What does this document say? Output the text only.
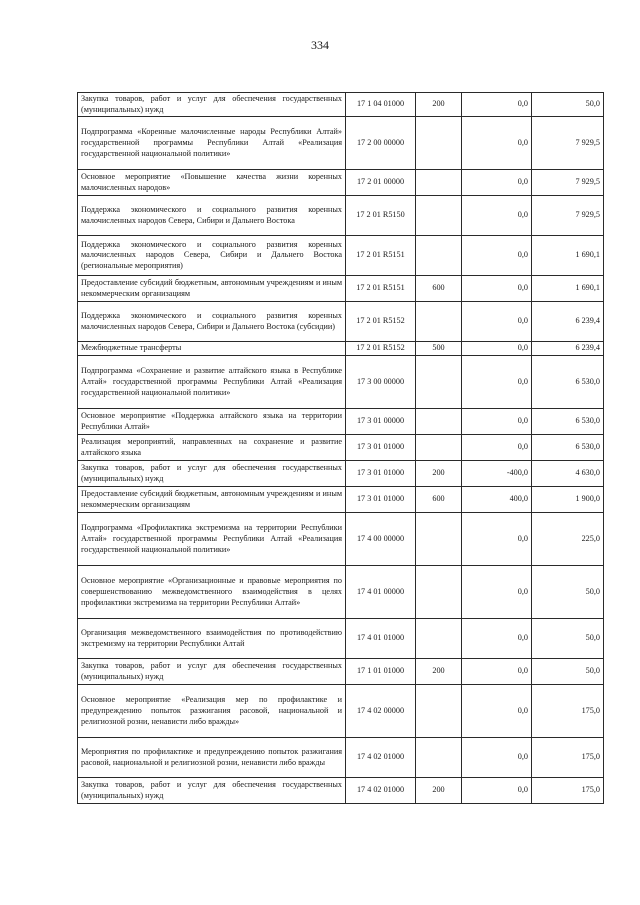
334
Закупка товаров, работ и услуг для обеспечения государственных (муниципальных) нужд	17 1 04 01000	200	0,0	50,0
Подпрограмма «Коренные малочисленные народы Республики Алтай» государственной программы Республики Алтай «Реализация государственной национальной политики»	17 2 00 00000		0,0	7 929,5
Основное мероприятие «Повышение качества жизни коренных малочисленных народов»	17 2 01 00000		0,0	7 929,5
Поддержка экономического и социального развития коренных малочисленных народов Севера, Сибири и Дальнего Востока	17 2 01 R5150		0,0	7 929,5
Поддержка экономического и социального развития коренных малочисленных народов Севера, Сибири и Дальнего Востока (региональные мероприятия)	17 2 01 R5151		0,0	1 690,1
Предоставление субсидий бюджетным, автономным учреждениям и иным некоммерческим организациям	17 2 01 R5151	600	0,0	1 690,1
Поддержка экономического и социального развития коренных малочисленных народов Севера, Сибири и Дальнего Востока (субсидии)	17 2 01 R5152		0,0	6 239,4
Межбюджетные трансферты	17 2 01 R5152	500	0,0	6 239,4
Подпрограмма «Сохранение и развитие алтайского языка в Республике Алтай» государственной программы Республики Алтай «Реализация государственной национальной политики»	17 3 00 00000		0,0	6 530,0
Основное мероприятие «Поддержка алтайского языка на территории Республики Алтай»	17 3 01 00000		0,0	6 530,0
Реализация мероприятий, направленных на сохранение и развитие алтайского языка	17 3 01 01000		0,0	6 530,0
Закупка товаров, работ и услуг для обеспечения государственных (муниципальных) нужд	17 3 01 01000	200	-400,0	4 630,0
Предоставление субсидий бюджетным, автономным учреждениям и иным некоммерческим организациям	17 3 01 01000	600	400,0	1 900,0
Подпрограмма «Профилактика экстремизма на территории Республики Алтай» государственной программы Республики Алтай «Реализация государственной национальной политики»	17 4 00 00000		0,0	225,0
Основное мероприятие «Организационные и правовые мероприятия по совершенствованию межведомственного взаимодействия в целях профилактики экстремизма на территории Республики Алтай»	17 4 01 00000		0,0	50,0
Организация межведомственного взаимодействия по противодействию экстремизму на территории Республики Алтай	17 4 01 01000		0,0	50,0
Закупка товаров, работ и услуг для обеспечения государственных (муниципальных) нужд	17 1 01 01000	200	0,0	50,0
Основное мероприятие «Реализация мер по профилактике и предупреждению попыток разжигания расовой, национальной и религиозной розни, ненависти либо вражды»	17 4 02 00000		0,0	175,0
Мероприятия по профилактике и предупреждению попыток разжигания расовой, национальной и религиозной розни, ненависти либо вражды	17 4 02 01000		0,0	175,0
Закупка товаров, работ и услуг для обеспечения государственных (муниципальных) нужд	17 4 02 01000	200	0,0	175,0
